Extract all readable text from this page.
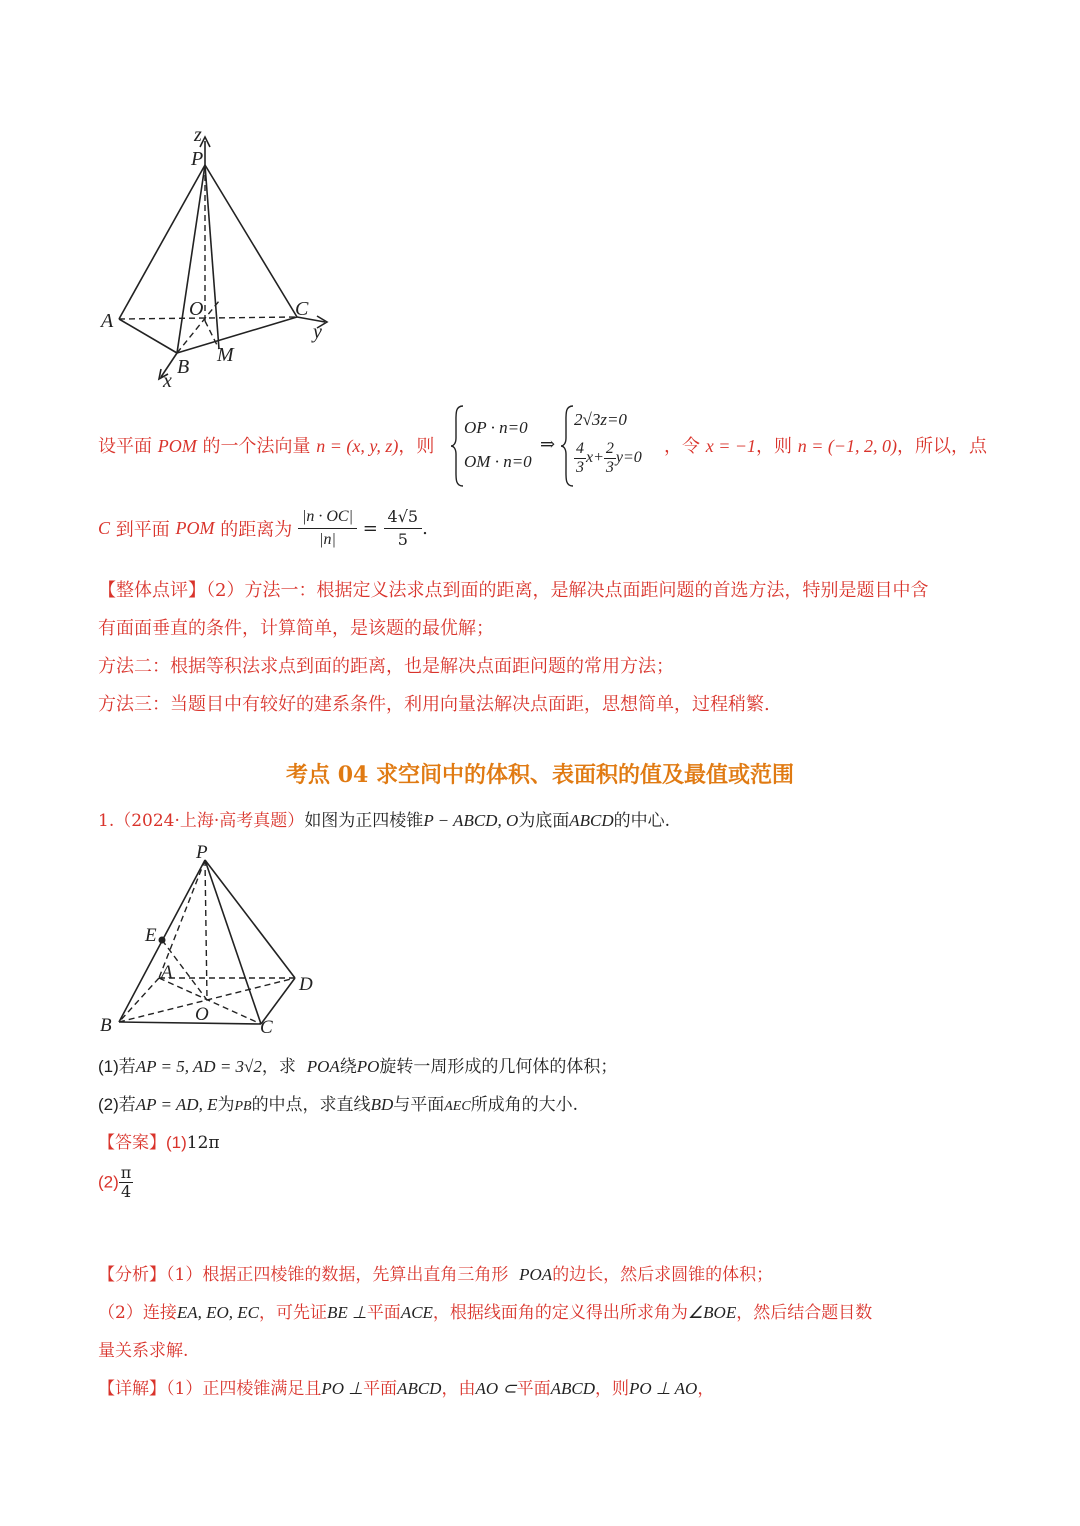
z
P
O	C
y
A
B
M
x
设平面 POM 的一个法向量 n = (x, y, z)，则
OP · n=0
OM · n=0
⇒
2√3z=0
$\frac{4}{3} x+ \frac{2}{3} y=0$
，令 x = −1，则 n = (−1, 2, 0)，所以，点
C 到平面 POM 的距离为 $\frac{|n \cdot OC|}{|n|} = \frac{4√5}{5}$ .
【整体点评】（2）方法一：根据定义法求点到面的距离，是解决点面距问题的首选方法，特别是题目中含
有面面垂直的条件，计算简单，是该题的最优解；
方法二：根据等积法求点到面的距离，也是解决点面距问题的常用方法；
方法三：当题目中有较好的建系条件，利用向量法解决点面距，思想简单，过程稍繁.
考点 04 求空间中的体积、表面积的值及最值或范围
1.（2024·上海·高考真题）如图为正四棱锥P − ABCD, O为底面ABCD的中心.
P
E
A
D
B
O
C
(1)若AP = 5, AD = 3√2，求 POA绕PO旋转一周形成的几何体的体积；
(2)若AP = AD, E为PB的中点，求直线BD与平面AEC所成角的大小.
【答案】(1)12π
$(2) \frac{\pi}{4}$
【分析】（1）根据正四棱锥的数据，先算出直角三角形 POA的边长，然后求圆锥的体积；
（2）连接EA, EO, EC，可先证BE ⊥平面ACE，根据线面角的定义得出所求角为∠BOE，然后结合题目数
量关系求解.
【详解】（1）正四棱锥满足且PO ⊥平面ABCD，由AO ⊂平面ABCD，则PO ⊥ AO，
